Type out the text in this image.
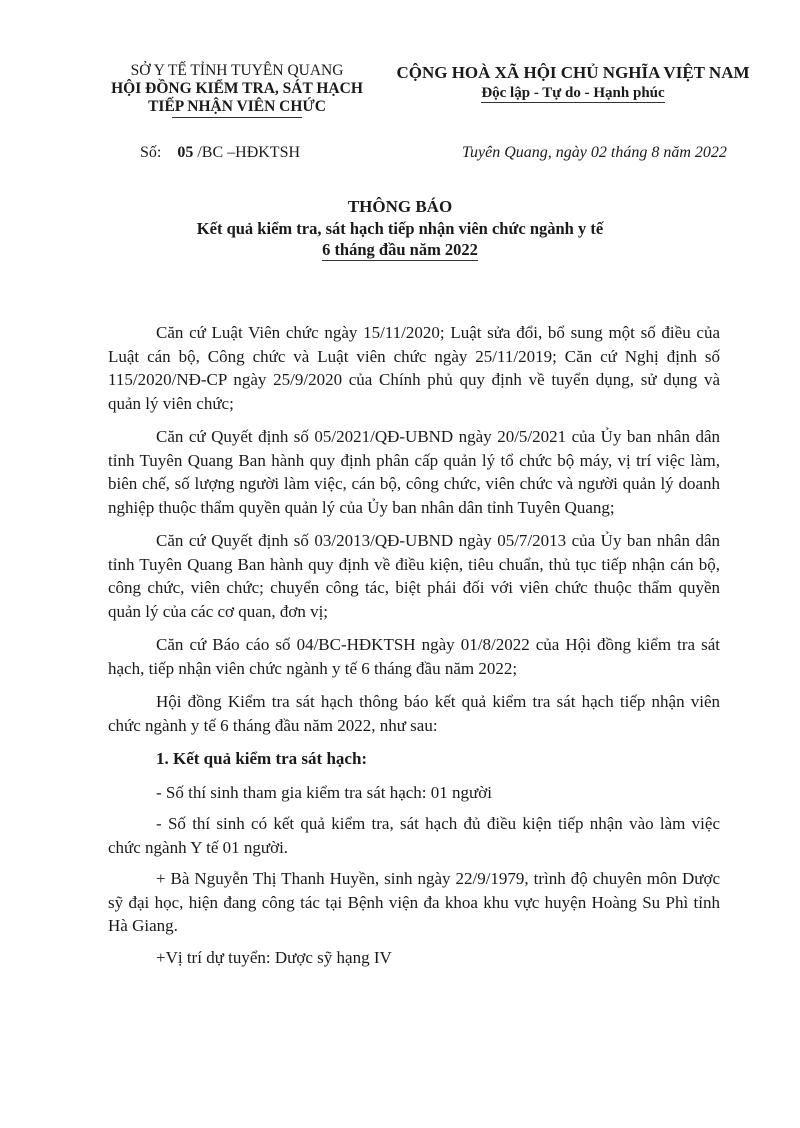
SỞ Y TẾ TỈNH TUYÊN QUANG
HỘI ĐỒNG KIỂM TRA, SÁT HẠCH
TIẾP NHẬN VIÊN CHỨC
CỘNG HOÀ XÃ HỘI CHỦ NGHĨA VIỆT NAM
Độc lập - Tự do - Hạnh phúc
Số: 05 /BC –HĐKTSH	Tuyên Quang, ngày 02 tháng 8 năm 2022
THÔNG BÁO
Kết quả kiểm tra, sát hạch tiếp nhận viên chức ngành y tế
6 tháng đầu năm 2022

Căn cứ Luật Viên chức ngày 15/11/2020; Luật sửa đổi, bổ sung một số điều của Luật cán bộ, Công chức và Luật viên chức ngày 25/11/2019; Căn cứ Nghị định số 115/2020/NĐ-CP ngày 25/9/2020 của Chính phủ quy định về tuyển dụng, sử dụng và quản lý viên chức;

Căn cứ Quyết định số 05/2021/QĐ-UBND ngày 20/5/2021 của Ủy ban nhân dân tỉnh Tuyên Quang Ban hành quy định phân cấp quản lý tổ chức bộ máy, vị trí việc làm, biên chế, số lượng người làm việc, cán bộ, công chức, viên chức và người quản lý doanh nghiệp thuộc thẩm quyền quản lý của Ủy ban nhân dân tỉnh Tuyên Quang;

Căn cứ Quyết định số 03/2013/QĐ-UBND ngày 05/7/2013 của Ủy ban nhân dân tỉnh Tuyên Quang Ban hành quy định về điều kiện, tiêu chuẩn, thủ tục tiếp nhận cán bộ, công chức, viên chức; chuyển công tác, biệt phái đối với viên chức thuộc thẩm quyền quản lý của các cơ quan, đơn vị;

Căn cứ Báo cáo số 04/BC-HĐKTSH ngày 01/8/2022 của Hội đồng kiểm tra sát hạch, tiếp nhận viên chức ngành y tế 6 tháng đầu năm 2022;

Hội đồng Kiểm tra sát hạch thông báo kết quả kiểm tra sát hạch tiếp nhận viên chức ngành y tế 6 tháng đầu năm 2022, như sau:

1. Kết quả kiểm tra sát hạch:

- Số thí sinh tham gia kiểm tra sát hạch: 01 người

- Số thí sinh có kết quả kiểm tra, sát hạch đủ điều kiện tiếp nhận vào làm việc chức ngành Y tế 01 người.

+ Bà Nguyễn Thị Thanh Huyền, sinh ngày 22/9/1979, trình độ chuyên môn Dược sỹ đại học, hiện đang công tác tại Bệnh viện đa khoa khu vực huyện Hoàng Su Phì tỉnh Hà Giang.

+Vị trí dự tuyển: Dược sỹ hạng IV
